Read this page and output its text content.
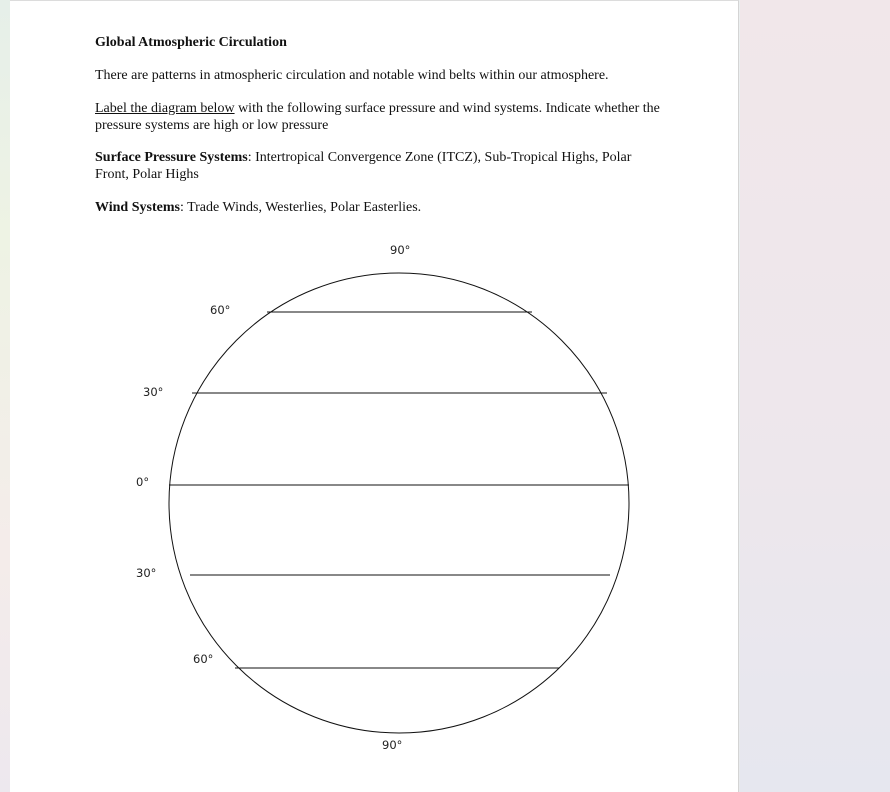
Global Atmospheric Circulation
There are patterns in atmospheric circulation and notable wind belts within our atmosphere.
Label the diagram below with the following surface pressure and wind systems. Indicate whether the pressure systems are high or low pressure
Surface Pressure Systems: Intertropical Convergence Zone (ITCZ), Sub-Tropical Highs, Polar Front, Polar Highs
Wind Systems: Trade Winds, Westerlies, Polar Easterlies.
90°
60°
30°
0°
30°
60°
90°
